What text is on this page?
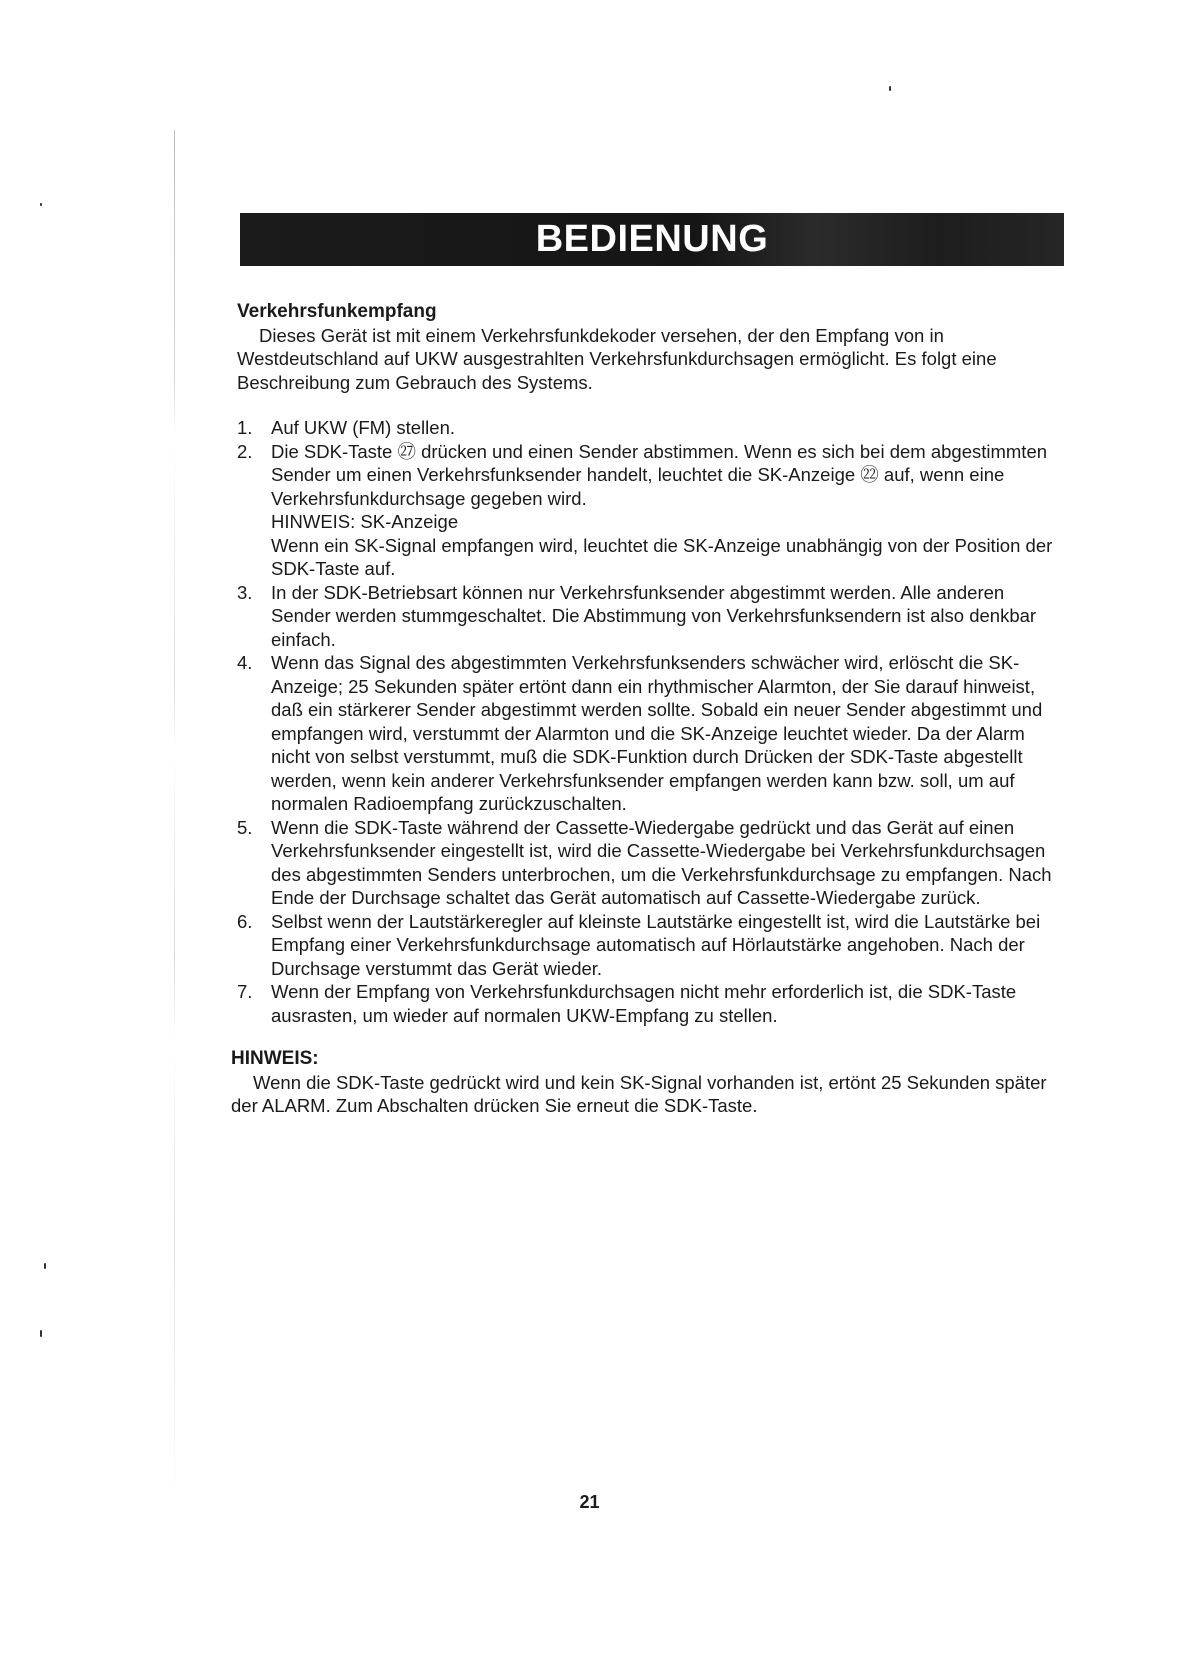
BEDIENUNG
Verkehrsfunkempfang

Dieses Gerät ist mit einem Verkehrsfunkdekoder versehen, der den Empfang von in Westdeutschland auf UKW ausgestrahlten Verkehrsfunkdurchsagen ermöglicht. Es folgt eine Beschreibung zum Gebrauch des Systems.

1.	Auf UKW (FM) stellen.

2.	Die SDK-Taste ㉗ drücken und einen Sender abstimmen. Wenn es sich bei dem abgestimmten Sender um einen Verkehrsfunksender handelt, leuchtet die SK-Anzeige ㉒ auf, wenn eine Verkehrsfunkdurchsage gegeben wird.

HINWEIS: SK-Anzeige

Wenn ein SK-Signal empfangen wird, leuchtet die SK-Anzeige unabhängig von der Position der SDK-Taste auf.

3.	In der SDK-Betriebsart können nur Verkehrsfunksender abgestimmt werden. Alle anderen Sender werden stummgeschaltet. Die Abstimmung von Verkehrsfunksendern ist also denkbar einfach.

4.	Wenn das Signal des abgestimmten Verkehrsfunksenders schwächer wird, erlöscht die SK-Anzeige; 25 Sekunden später ertönt dann ein rhythmischer Alarmton, der Sie darauf hinweist, daß ein stärkerer Sender abgestimmt werden sollte. Sobald ein neuer Sender abgestimmt und empfangen wird, verstummt der Alarmton und die SK-Anzeige leuchtet wieder. Da der Alarm nicht von selbst verstummt, muß die SDK-Funktion durch Drücken der SDK-Taste abgestellt werden, wenn kein anderer Verkehrsfunksender empfangen werden kann bzw. soll, um auf normalen Radioempfang zurückzuschalten.

5.	Wenn die SDK-Taste während der Cassette-Wiedergabe gedrückt und das Gerät auf einen Verkehrsfunksender eingestellt ist, wird die Cassette-Wiedergabe bei Verkehrsfunkdurchsagen des abgestimmten Senders unterbrochen, um die Verkehrsfunkdurchsage zu empfangen. Nach Ende der Durchsage schaltet das Gerät automatisch auf Cassette-Wiedergabe zurück.

6.	Selbst wenn der Lautstärkeregler auf kleinste Lautstärke eingestellt ist, wird die Lautstärke bei Empfang einer Verkehrsfunkdurchsage automatisch auf Hörlautstärke angehoben. Nach der Durchsage verstummt das Gerät wieder.

7.	Wenn der Empfang von Verkehrsfunkdurchsagen nicht mehr erforderlich ist, die SDK-Taste ausrasten, um wieder auf normalen UKW-Empfang zu stellen.

HINWEIS:

Wenn die SDK-Taste gedrückt wird und kein SK-Signal vorhanden ist, ertönt 25 Sekunden später der ALARM. Zum Abschalten drücken Sie erneut die SDK-Taste.

21
